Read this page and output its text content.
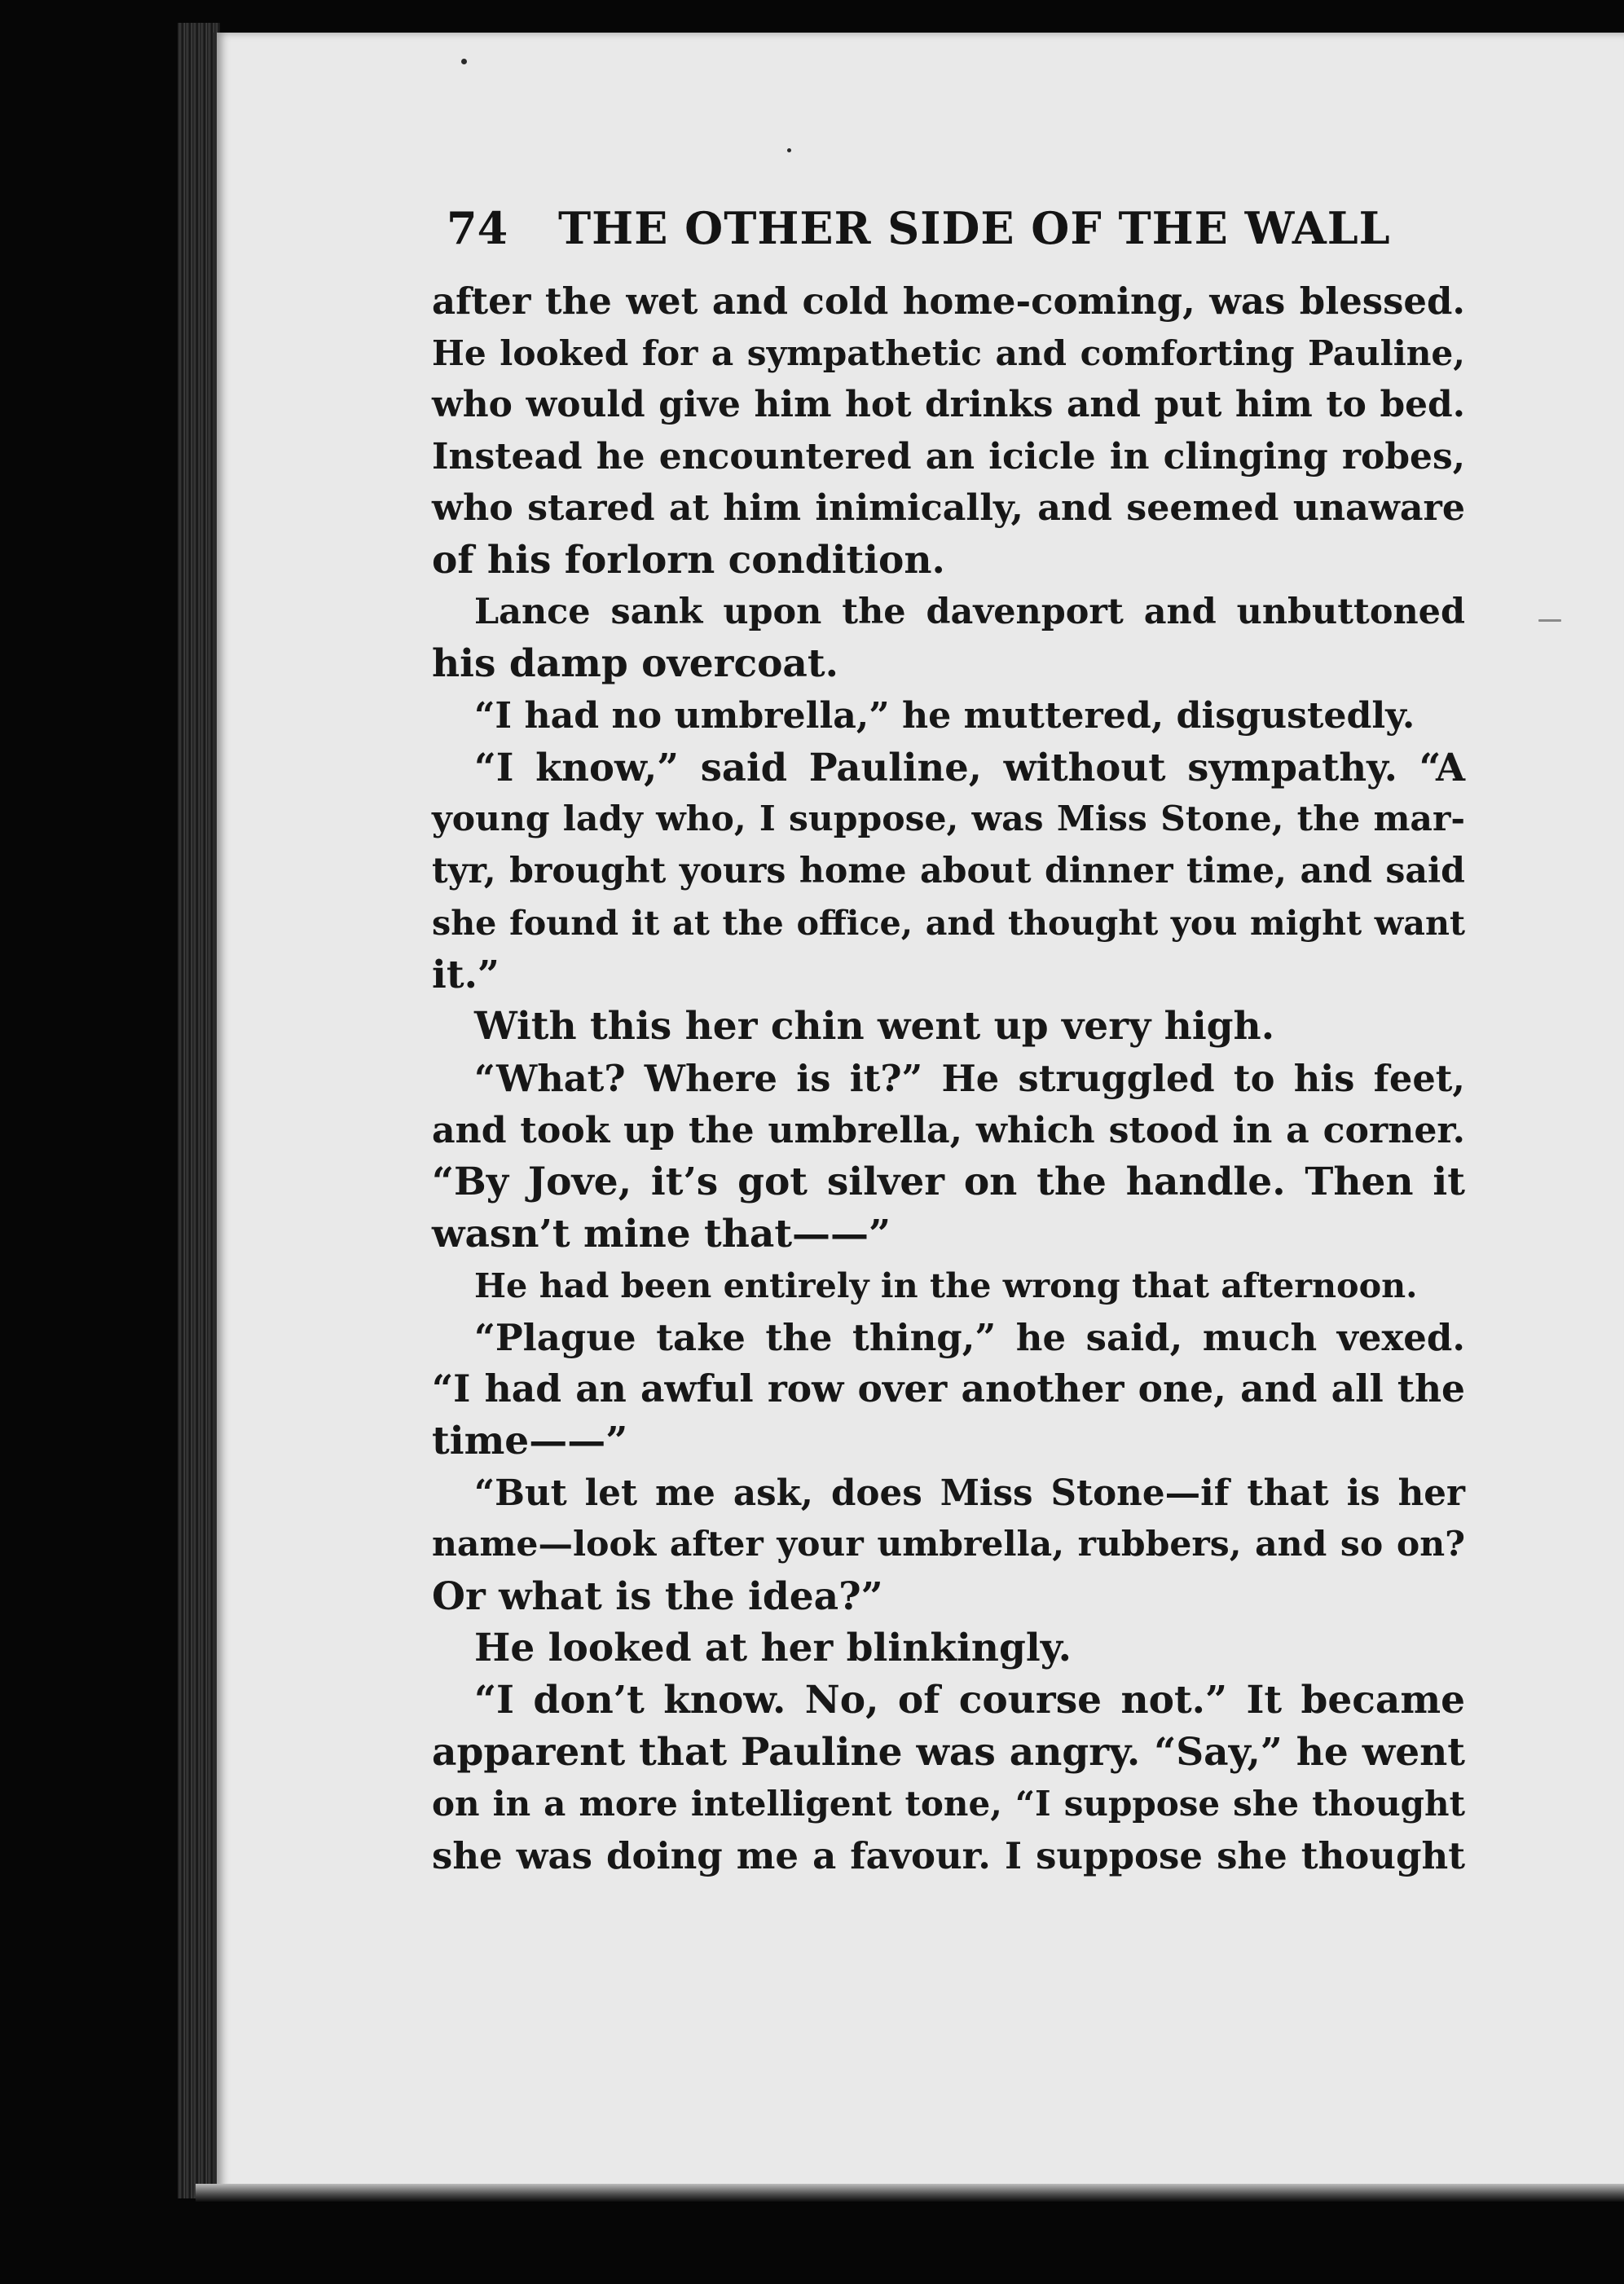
74 THE OTHER SIDE OF THE WALL
after the wet and cold home-coming, was blessed.
He looked for a sympathetic and comforting Pauline,
who would give him hot drinks and put him to bed.
Instead he encountered an icicle in clinging robes,
who stared at him inimically, and seemed unaware
of his forlorn condition.
Lance sank upon the davenport and unbuttoned
his damp overcoat.
“I had no umbrella,” he muttered, disgustedly.
“I know,” said Pauline, without sympathy. “A
young lady who, I suppose, was Miss Stone, the mar-
tyr, brought yours home about dinner time, and said
she found it at the office, and thought you might want
it.”
With this her chin went up very high.
“What? Where is it?” He struggled to his feet,
and took up the umbrella, which stood in a corner.
“By Jove, it’s got silver on the handle. Then it
wasn’t mine that——”
He had been entirely in the wrong that afternoon.
“Plague take the thing,” he said, much vexed.
“I had an awful row over another one, and all the
time——”
“But let me ask, does Miss Stone—if that is her
name—look after your umbrella, rubbers, and so on?
Or what is the idea?”
He looked at her blinkingly.
“I don’t know. No, of course not.” It became
apparent that Pauline was angry. “Say,” he went
on in a more intelligent tone, “I suppose she thought
she was doing me a favour. I suppose she thought
